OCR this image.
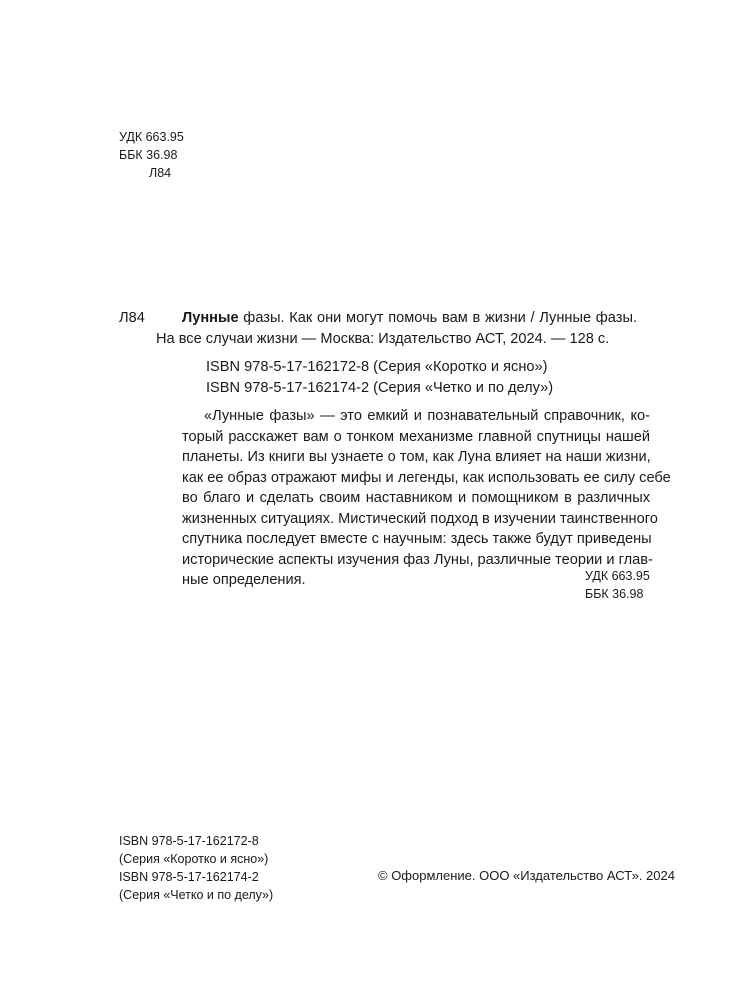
УДК 663.95
ББК 36.98
Л84
Л84	Лунные фазы. Как они могут помочь вам в жизни / Лунные фазы.
На все случаи жизни — Москва: Издательство АСТ, 2024. — 128 с.
ISBN 978-5-17-162172-8 (Серия «Коротко и ясно»)
ISBN 978-5-17-162174-2 (Серия «Четко и по делу»)
«Лунные фазы» — это емкий и познавательный справочник, ко-
торый расскажет вам о тонком механизме главной спутницы нашей
планеты. Из книги вы узнаете о том, как Луна влияет на наши жизни,
как ее образ отражают мифы и легенды, как использовать ее силу себе
во благо и сделать своим наставником и помощником в различных
жизненных ситуациях. Мистический подход в изучении таинственного
спутника последует вместе с научным: здесь также будут приведены
исторические аспекты изучения фаз Луны, различные теории и глав-
ные определения.	УДК 663.95
ББК 36.98
ISBN 978-5-17-162172-8
(Серия «Коротко и ясно»)
ISBN 978-5-17-162174-2
(Серия «Четко и по делу»)
© Оформление. ООО «Издательство АСТ». 2024
